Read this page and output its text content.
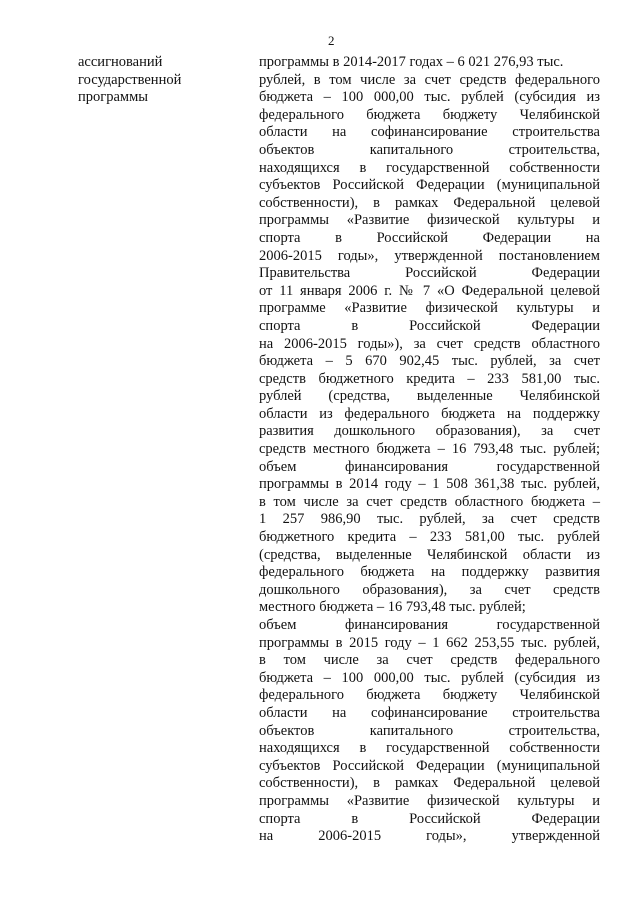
2
ассигнований
государственной
программы
программы в 2014-2017 годах – 6 021 276,93 тыс.
рублей, в том числе за счет средств федерального
бюджета – 100 000,00 тыс. рублей (субсидия из
федерального бюджета бюджету Челябинской
области на софинансирование строительства
объектов капитального строительства,
находящихся в государственной собственности
субъектов Российской Федерации (муниципальной
собственности), в рамках Федеральной целевой
программы «Развитие физической культуры и
спорта в Российской Федерации на
2006-2015 годы», утвержденной постановлением
Правительства Российской Федерации
от 11 января 2006 г. № 7 «О Федеральной целевой
программе «Развитие физической культуры и
спорта в Российской Федерации
на 2006-2015 годы»), за счет средств областного
бюджета – 5 670 902,45 тыс. рублей, за счет
средств бюджетного кредита – 233 581,00 тыс.
рублей (средства, выделенные Челябинской
области из федерального бюджета на поддержку
развития дошкольного образования), за счет
средств местного бюджета – 16 793,48 тыс. рублей;
объем финансирования государственной
программы в 2014 году – 1 508 361,38 тыс. рублей,
в том числе за счет средств областного бюджета –
1 257 986,90 тыс. рублей, за счет средств
бюджетного кредита – 233 581,00 тыс. рублей
(средства, выделенные Челябинской области из
федерального бюджета на поддержку развития
дошкольного образования), за счет средств
местного бюджета – 16 793,48 тыс. рублей;
объем финансирования государственной
программы в 2015 году – 1 662 253,55 тыс. рублей,
в том числе за счет средств федерального
бюджета – 100 000,00 тыс. рублей (субсидия из
федерального бюджета бюджету Челябинской
области на софинансирование строительства
объектов капитального строительства,
находящихся в государственной собственности
субъектов Российской Федерации (муниципальной
собственности), в рамках Федеральной целевой
программы «Развитие физической культуры и
спорта в Российской Федерации
на 2006-2015 годы», утвержденной
